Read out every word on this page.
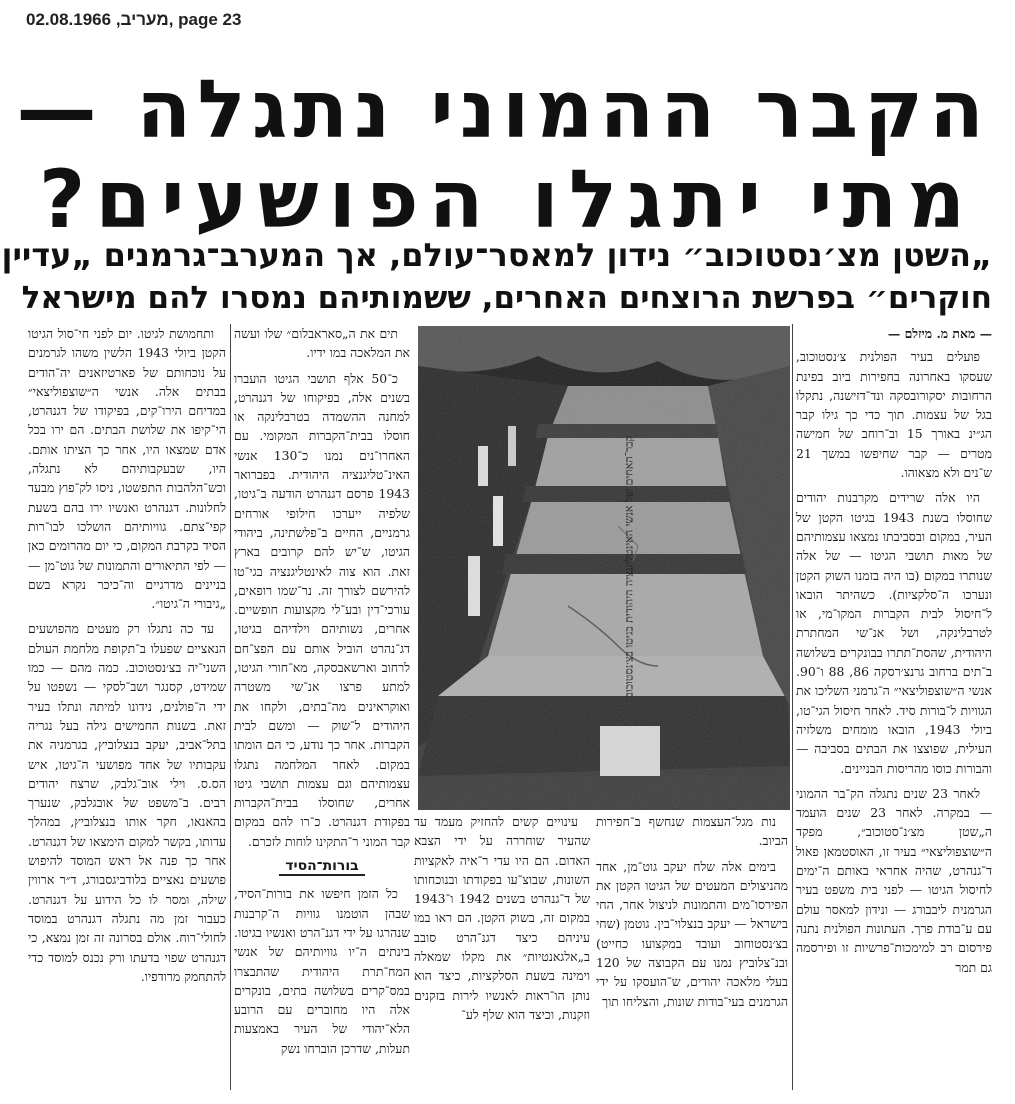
מעריב, 02.08.1966, page 23
הקבר ההמוני נתגלה —
מתי יתגלו הפושעים?
„השטן מצ׳נסטוכוב״ נידון למאסר־עולם, אך המערב־גרמנים „עדיין
חוקרים״ בפרשת הרוצחים האחרים, ששמותיהם נמסרו להם מישראל

— מאת מ. מיזלם —

פועלים בעיר הפולנית צ׳נסטוכוב, שעסקו באחרונה בחפירות ביוב בפינת הרחובות יסקורובסקה ונד־דזישנה, נתקלו בגל של עצמות. תוך כדי כך גילו קבר הג״ינ באורך 15 וב־רוחב של חמישה מטרים — קבר שחיפשו במשך 21 ש־נים ולא מצאוהו.

היו אלה שרידים מקרבנות יהודים שחוסלו בשנת 1943 בגיטו הקטן של העיר, במקום ובסביבתו נמצאו עצמותיהם של מאות תושבי הגיטו — של אלה שנותרו במקום (בו היה בזמנו השוק הקטן ונערכו ה־סלקציות). כשהיתר הובאו ל־חיסול לבית הקברות המקו־מי, או לטרבלינקה, ושל אנ־שי המחתרת היהודית, שהסת־תתרו בבונקרים בשלושה ב־תים ברחוב גרנצ׳רסקה 86, 88 ו־90. אנשי ה״שוצפוליצאי״ ה־גרמני השליכו את הגוויות ל־בורות סיד. לאחר חיסול הגי־טו, ביולי 1943, הובאו מומחים משלזיה העילית, שפוצצו את הבתים בסביבה — והבורות כוסו מהריסות הבניינים.

לאחר 23 שנים נתגלה הק־בר ההמוני — במקרה. לאחר 23 שנים הועמד ה„שטן מצ׳נ־סטוכוב״, מפקד ה״שוצפוליצאי״ בעיר זו, האוסטמאן פאול ד־גנהרט, שהיה אחראי באותם ה־ימים לחיסול הגיטו — לפני בית משפט בעיר הגרמנית ליבבורג — ונידון למאסר עולם עם ע־בודת פרך. העתונות הפולנית נתנה פירסום רב למימכות־פרשיות זו ופירסמה גם תמר

קבר־האחים של אנשי האינטליגנציה היהודית בגיטו בצ׳נסטוכוב

נות מגל־העצמות שנחשף ב־חפירות הביוב.

בימים אלה שלח יעקב גוט־מן, אחד מהניצולים המעטים של הגיטו הקטן את הפירסו־מים והתמונות לניצול אחר, החי בישראל — יעקב בנצלוי־בין. גוטמן (שחי בצ׳נסטוחוב ועובד במקצועו כחייט) ובנ־צלוביץ נמנו עם הקבוצה של 120 בעלי מלאכה יהודים, ש־הועסקו על ידי הגרמנים בעי־בודות שונות, והצליחו תוך

עינויים קשים להחזיק מעמד עד שהעיר שוחררה על ידי הצבא האדום. הם היו עדי ר־איה לאקציות השונות, שבוצ־עו בפקודתו ובנוכחותו של ד־גנהרט בשנים 1942 ו־1943 במקום זה, בשוק הקטן. הם ראו במו עיניהם כיצד דגנ־הרט סובב ב„אלגאנטיות״ את מקלו שמאלה וימינה בשעת הסלקציות, כיצד הוא נותן הו־ראות לאנשיו לירות בזקנים וזקנות, וכיצד הוא שלף לע־

תים את ה„סאראבלום״ שלו ועשה את המלאכה במו ידיו.

כ־50 אלף תושבי הגיטו הועברו בשנים אלה, בפיקוחו של דגנהרט, למחנה ההשמדה בטרבלינקה או חוסלו בבית־הקברות המקומי. עם האחרו־נים נמנו כ־130 אנשי האינ־טליגנציה היהודית. בפברואר 1943 פרסם דגנהרט הודעה ב־גיטו, שלפיה ייערכו חילופי אורחים גרמניים, החיים ב־פלשתינה, ביהודי הגיטו, ש־יש להם קרובים בארץ זאת. הוא צוה לאינטליגנציה בגי־טו להירשם לצורך זה. נר־שמו רופאים, עורכי־דין ובע־לי מקצועות חופשיים. אחרים, נשותיהם וילדיהם בגיטו, דג־נהרט הוביל אותם עם הפצ־חם לרחוב וארשאבסקה, מא־חורי הגיטו, למתע פרצו אנ־שי משטרה ואוקראינים מה־בתים, ולקחו את היהודים ל־שוק — ומשם לבית הקברות. אחר כך נודע, כי הם הומתו במקום. לאחר המלחמה נתגלו עצמותיהם וגם עצמות תושבי גיטו אחרים, שחוסלו בבית־הקברות בפקודת דגנהרט. כ־רו להם במקום קבר המוני ר־התקינו לוחות לזכרם.

בורות־הסיד

כל הזמן חיפשו את בורות־הסיד, שבהן הוטמנו גוויות ה־קרבנות שנהרגו על ידי דגנ־הרט ואנשיו בגיטו. בינתים ה־יו גוויותיהם של אנשי המח־תרת היהודית שהתבצרו במס־קרים בשלושה בתים, בונקרים אלה היו מחוברים עם הרובע הלא־יהודי של העיר באמצעות תעלות, שדרכן הוברחו נשק

ותחמושת לגיטו. יום לפני חי־סול הגיטו הקטן ביולי 1943 הלשין משהו לגרמנים על נוכחותם של פארטיזאנים יה־הודים בבתים אלה. אנשי ה״שוצפוליצאי״ במדיחם הירו־קים, בפיקודו של דגנהרט, הי־קיפו את שלושת הבתים. הם ירו בכל אדם שמצאו היו, אחר כך הציתו אותם. היו, שבעקבותיהם לא נתגלה, וכש־הלהבות התפשטו, ניסו לק־פוץ מבעד לחלונות. דגנהרט ואנשיו ירו בהם בשעת קפי־צתם. גוויותיהם הושלכו לבו־רות הסיד בקרבת המקום, כי יום מהרומים כאן — לפי התיאורים והתמונות של גוט־מן — בניינים מדרגיים וה־כיכר נקרא בשם „גיבורי ה־גיטו״.

עד כה נתגלו רק מעטים מהפושעים הנאציים שפעלו ב־תקופת מלחמת העולם השני־יה בצ׳נסטוכוב. כמה מהם — כמו שמידט, קסנגר ושב־לסקי — נשפטו על ידי ה־פולנים, נידונו למיתה ונתלו בעיר זאת. בשנות החמישים גילה בעל נגריה בתל־אביב, יעקב בנצלוביץ, בגרמניה את עקבותיו של אחד מפושעי ה־גיטו, איש הס.ס. וילי אוב־גלבק, שרצח יהודים רבים. ב־משפט של אובגלבק, שנערך בהאנאו, חקר אותו בנצלוביץ, במהלך עדותו, בקשר למקום הימצאו של דגנהרט. אחר כך פנה אל ראש המוסד להיפוש פושעים נאציים בלודביגסבורג, ד״ר ארווין שילה, ומסר לו כל הידוע על דגנהרט. כעבור זמן מה נתגלה דגנהרט במוסד לחולי־רוח. אולם בסרונה זה זמן נמצא, כי דגנהרט שפוי בדעתו ורק נכנס למוסד כדי להתחמק מרודפיו.
